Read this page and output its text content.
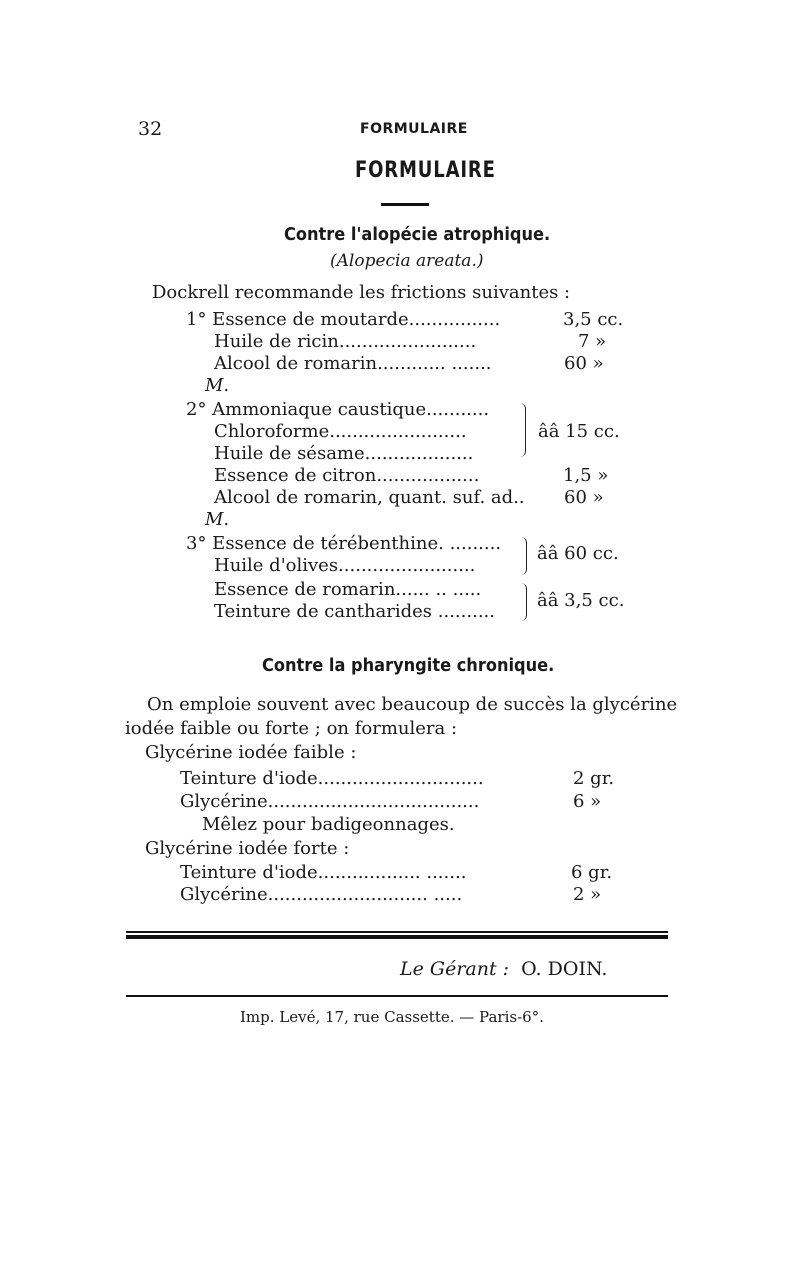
32	FORMULAIRE
FORMULAIRE
Contre l'alopécie atrophique.
(Alopecia areata.)
Dockrell recommande les frictions suivantes :
1° Essence de moutarde................	3,5 cc.
Huile de ricin........................	7 »
Alcool de romarin............ .......	60 »
M.
2° Ammoniaque caustique...........
Chloroforme........................
Huile de sésame...................
ââ 15 cc.
Essence de citron..................	1,5 »
Alcool de romarin, quant. suf. ad.. 60 »
M.
3° Essence de térébenthine. .........
Huile d'olives........................
ââ 60 cc.
Essence de romarin...... .. .....
Teinture de cantharides ..........
ââ 3,5 cc.
Contre la pharyngite chronique.
On emploie souvent avec beaucoup de succès la glycérine
iodée faible ou forte ; on formulera :
Glycérine iodée faible :
Teinture d'iode.............................	2 gr.
Glycérine.....................................	6 »
Mêlez pour badigeonnages.
Glycérine iodée forte :
Teinture d'iode.................. .......	6 gr.
Glycérine............................ .....	2 »
Le Gérant : O. DOIN.
Imp. Levé, 17, rue Cassette. — Paris-6°.
